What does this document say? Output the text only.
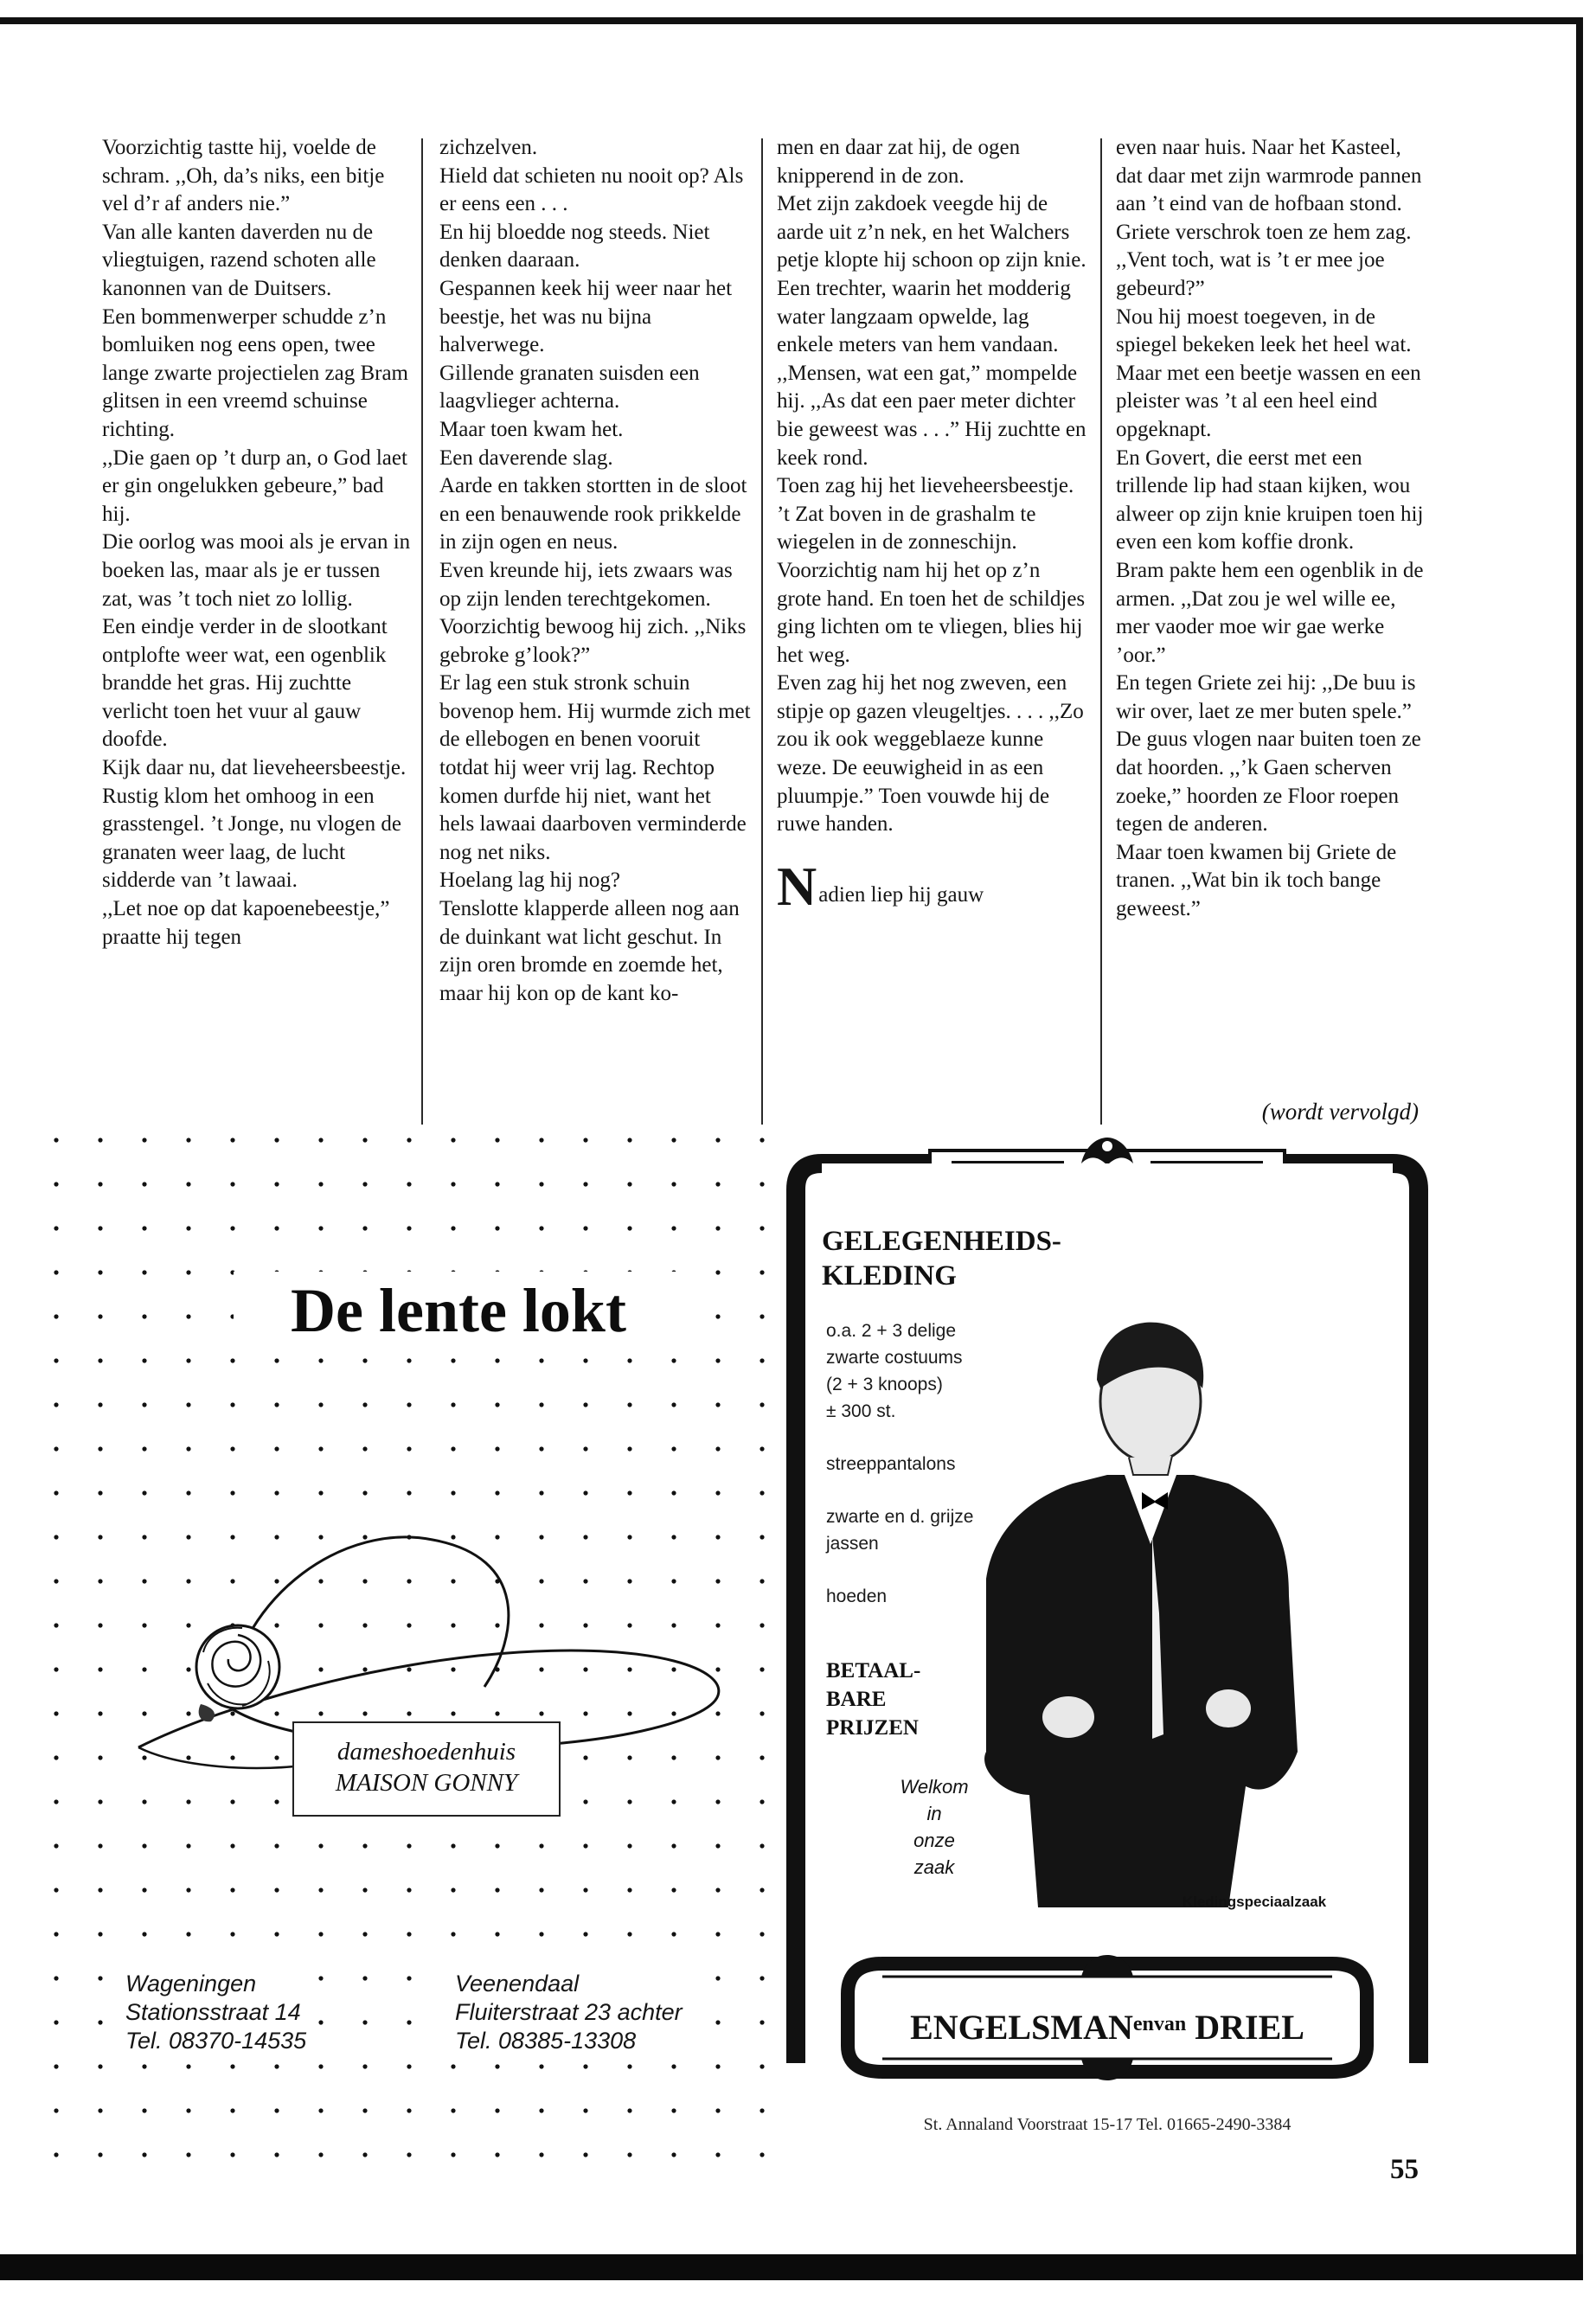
Voorzichtig tastte hij, voelde de schram. ,,Oh, da’s niks, een bitje vel d’r af anders nie.”

Van alle kanten daverden nu de vliegtuigen, razend schoten alle kanonnen van de Duitsers.

Een bommenwerper schudde z’n bomluiken nog eens open, twee lange zwarte projectielen zag Bram glitsen in een vreemd schuinse richting.

,,Die gaen op ’t durp an, o God laet er gin ongelukken gebeure,” bad hij.

Die oorlog was mooi als je ervan in boeken las, maar als je er tussen zat, was ’t toch niet zo lollig.

Een eindje verder in de slootkant ontplofte weer wat, een ogenblik brandde het gras. Hij zuchtte verlicht toen het vuur al gauw doofde.

Kijk daar nu, dat lieveheersbeestje. Rustig klom het omhoog in een grasstengel. ’t Jonge, nu vlogen de granaten weer laag, de lucht sidderde van ’t lawaai.

,,Let noe op dat kapoenebeestje,” praatte hij tegen

zichzelven.

Hield dat schieten nu nooit op? Als er eens een . . .

En hij bloedde nog steeds. Niet denken daaraan.

Gespannen keek hij weer naar het beestje, het was nu bijna halverwege.

Gillende granaten suisden een laagvlieger achterna.

Maar toen kwam het.

Een daverende slag.

Aarde en takken stortten in de sloot en een benauwende rook prikkelde in zijn ogen en neus.

Even kreunde hij, iets zwaars was op zijn lenden terechtgekomen.

Voorzichtig bewoog hij zich. ,,Niks gebroke g’look?”

Er lag een stuk stronk schuin bovenop hem. Hij wurmde zich met de ellebogen en benen vooruit totdat hij weer vrij lag. Rechtop komen durfde hij niet, want het hels lawaai daarboven verminderde nog net niks.

Hoelang lag hij nog?

Tenslotte klapperde alleen nog aan de duinkant wat licht geschut. In zijn oren bromde en zoemde het, maar hij kon op de kant ko-

men en daar zat hij, de ogen knipperend in de zon.

Met zijn zakdoek veegde hij de aarde uit z’n nek, en het Walchers petje klopte hij schoon op zijn knie.

Een trechter, waarin het modderig water langzaam opwelde, lag enkele meters van hem vandaan. ,,Mensen, wat een gat,” mompelde hij. ,,As dat een paer meter dichter bie geweest was . . .” Hij zuchtte en keek rond.

Toen zag hij het lieveheersbeestje.

’t Zat boven in de grashalm te wiegelen in de zonneschijn. Voorzichtig nam hij het op z’n grote hand. En toen het de schildjes ging lichten om te vliegen, blies hij het weg.

Even zag hij het nog zweven, een stipje op gazen vleugeltjes. . . . ,,Zo zou ik ook weggeblaeze kunne weze. De eeuwigheid in as een pluumpje.” Toen vouwde hij de ruwe handen.

Nadien liep hij gauw

even naar huis. Naar het Kasteel, dat daar met zijn warmrode pannen aan ’t eind van de hofbaan stond. Griete verschrok toen ze hem zag. ,,Vent toch, wat is ’t er mee joe gebeurd?”

Nou hij moest toegeven, in de spiegel bekeken leek het heel wat. Maar met een beetje wassen en een pleister was ’t al een heel eind opgeknapt.

En Govert, die eerst met een trillende lip had staan kijken, wou alweer op zijn knie kruipen toen hij even een kom koffie dronk.

Bram pakte hem een ogenblik in de armen. ,,Dat zou je wel wille ee, mer vaoder moe wir gae werke ’oor.”

En tegen Griete zei hij: ,,De buu is wir over, laet ze mer buten spele.”

De guus vlogen naar buiten toen ze dat hoorden. ,,’k Gaen scherven zoeke,” hoorden ze Floor roepen tegen de anderen.

Maar toen kwamen bij Griete de tranen. ,,Wat bin ik toch bange geweest.”

(wordt vervolgd)
De lente lokt
dameshoedenhuis
MAISON GONNY
Wageningen
Stationsstraat 14
Tel. 08370-14535
Veenendaal
Fluiterstraat 23 achter
Tel. 08385-13308
GELEGENHEIDS-
KLEDING
o.a. 2 + 3 delige
zwarte costuums
(2 + 3 knoops)
± 300 st.
streeppantalons
zwarte en d. grijze
jassen
hoeden
BETAAL-
BARE
PRIJZEN
Welkom
in
onze
zaak
Kledingspeciaalzaak
$ENGELSMAN^{envan}$ DRIEL
St. Annaland Voorstraat 15-17 Tel. 01665-2490-3384
55
